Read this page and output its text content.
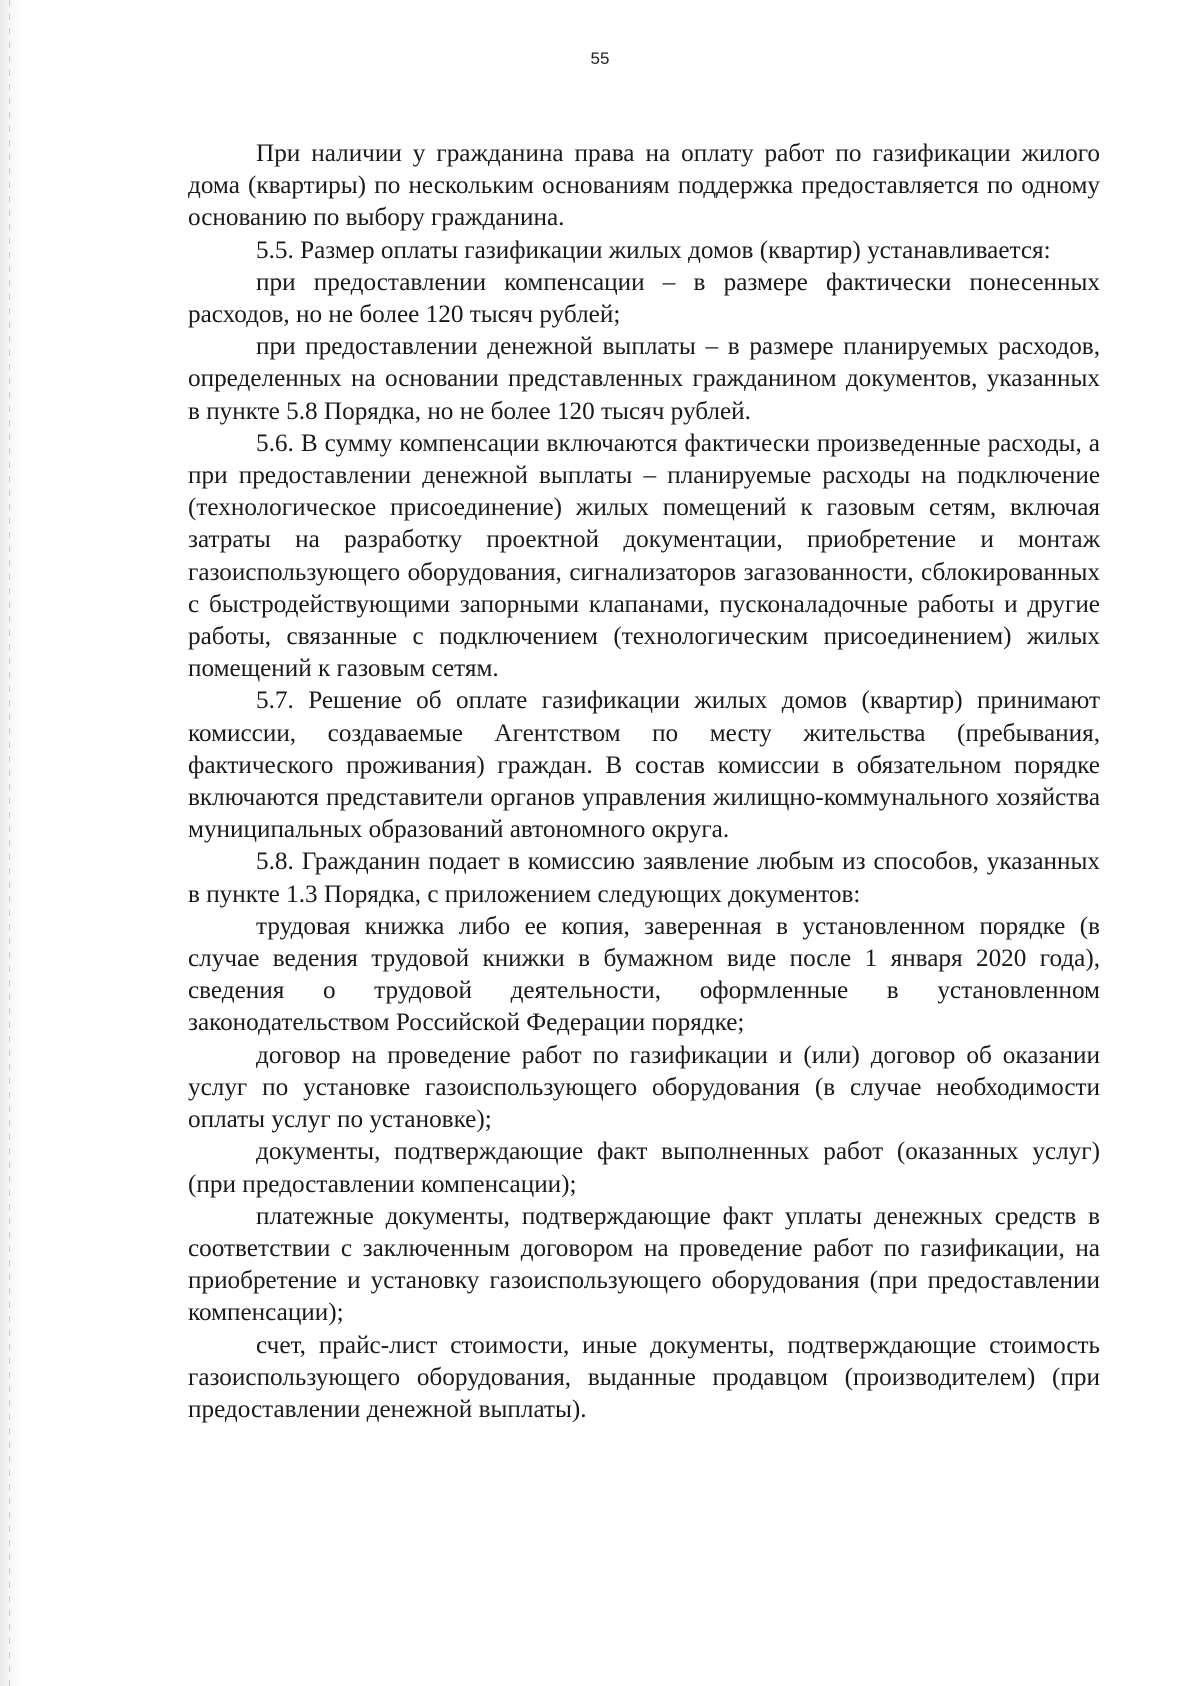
55

При наличии у гражданина права на оплату работ по газификации жилого дома (квартиры) по нескольким основаниям поддержка предоставляется по одному основанию по выбору гражданина.

5.5. Размер оплаты газификации жилых домов (квартир) устанавливается:

при предоставлении компенсации – в размере фактически понесенных расходов, но не более 120 тысяч рублей;

при предоставлении денежной выплаты – в размере планируемых расходов, определенных на основании представленных гражданином документов, указанных в пункте 5.8 Порядка, но не более 120 тысяч рублей.

5.6. В сумму компенсации включаются фактически произведенные расходы, а при предоставлении денежной выплаты – планируемые расходы на подключение (технологическое присоединение) жилых помещений к газовым сетям, включая затраты на разработку проектной документации, приобретение и монтаж газоиспользующего оборудования, сигнализаторов загазованности, сблокированных с быстродействующими запорными клапанами, пусконаладочные работы и другие работы, связанные с подключением (технологическим присоединением) жилых помещений к газовым сетям.

5.7. Решение об оплате газификации жилых домов (квартир) принимают комиссии, создаваемые Агентством по месту жительства (пребывания, фактического проживания) граждан. В состав комиссии в обязательном порядке включаются представители органов управления жилищно-коммунального хозяйства муниципальных образований автономного округа.

5.8. Гражданин подает в комиссию заявление любым из способов, указанных в пункте 1.3 Порядка, с приложением следующих документов:

трудовая книжка либо ее копия, заверенная в установленном порядке (в случае ведения трудовой книжки в бумажном виде после 1 января 2020 года), сведения о трудовой деятельности, оформленные в установленном законодательством Российской Федерации порядке;

договор на проведение работ по газификации и (или) договор об оказании услуг по установке газоиспользующего оборудования (в случае необходимости оплаты услуг по установке);

документы, подтверждающие факт выполненных работ (оказанных услуг) (при предоставлении компенсации);

платежные документы, подтверждающие факт уплаты денежных средств в соответствии с заключенным договором на проведение работ по газификации, на приобретение и установку газоиспользующего оборудования (при предоставлении компенсации);

счет, прайс-лист стоимости, иные документы, подтверждающие стоимость газоиспользующего оборудования, выданные продавцом (производителем) (при предоставлении денежной выплаты).
